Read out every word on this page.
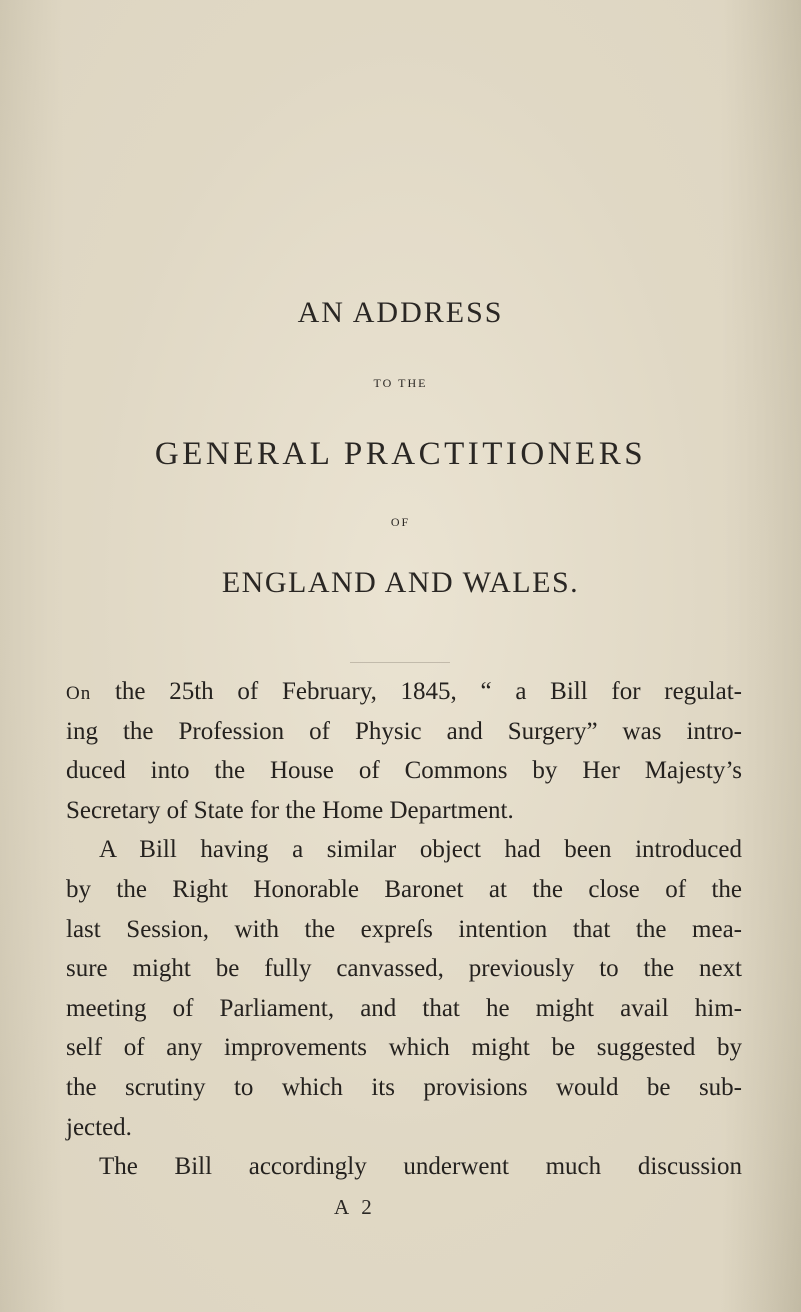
AN ADDRESS
TO THE
GENERAL PRACTITIONERS
OF
ENGLAND AND WALES.
On the 25th of February, 1845, “ a Bill for regulat-
ing the Profession of Physic and Surgery” was intro-
duced into the House of Commons by Her Majesty’s
Secretary of State for the Home Department.
A Bill having a similar object had been introduced
by the Right Honorable Baronet at the close of the
last Session, with the expreſs intention that the mea-
sure might be fully canvassed, previously to the next
meeting of Parliament, and that he might avail him-
self of any improvements which might be suggested by
the scrutiny to which its provisions would be sub-
jected.
The Bill accordingly underwent much discussion
A 2
